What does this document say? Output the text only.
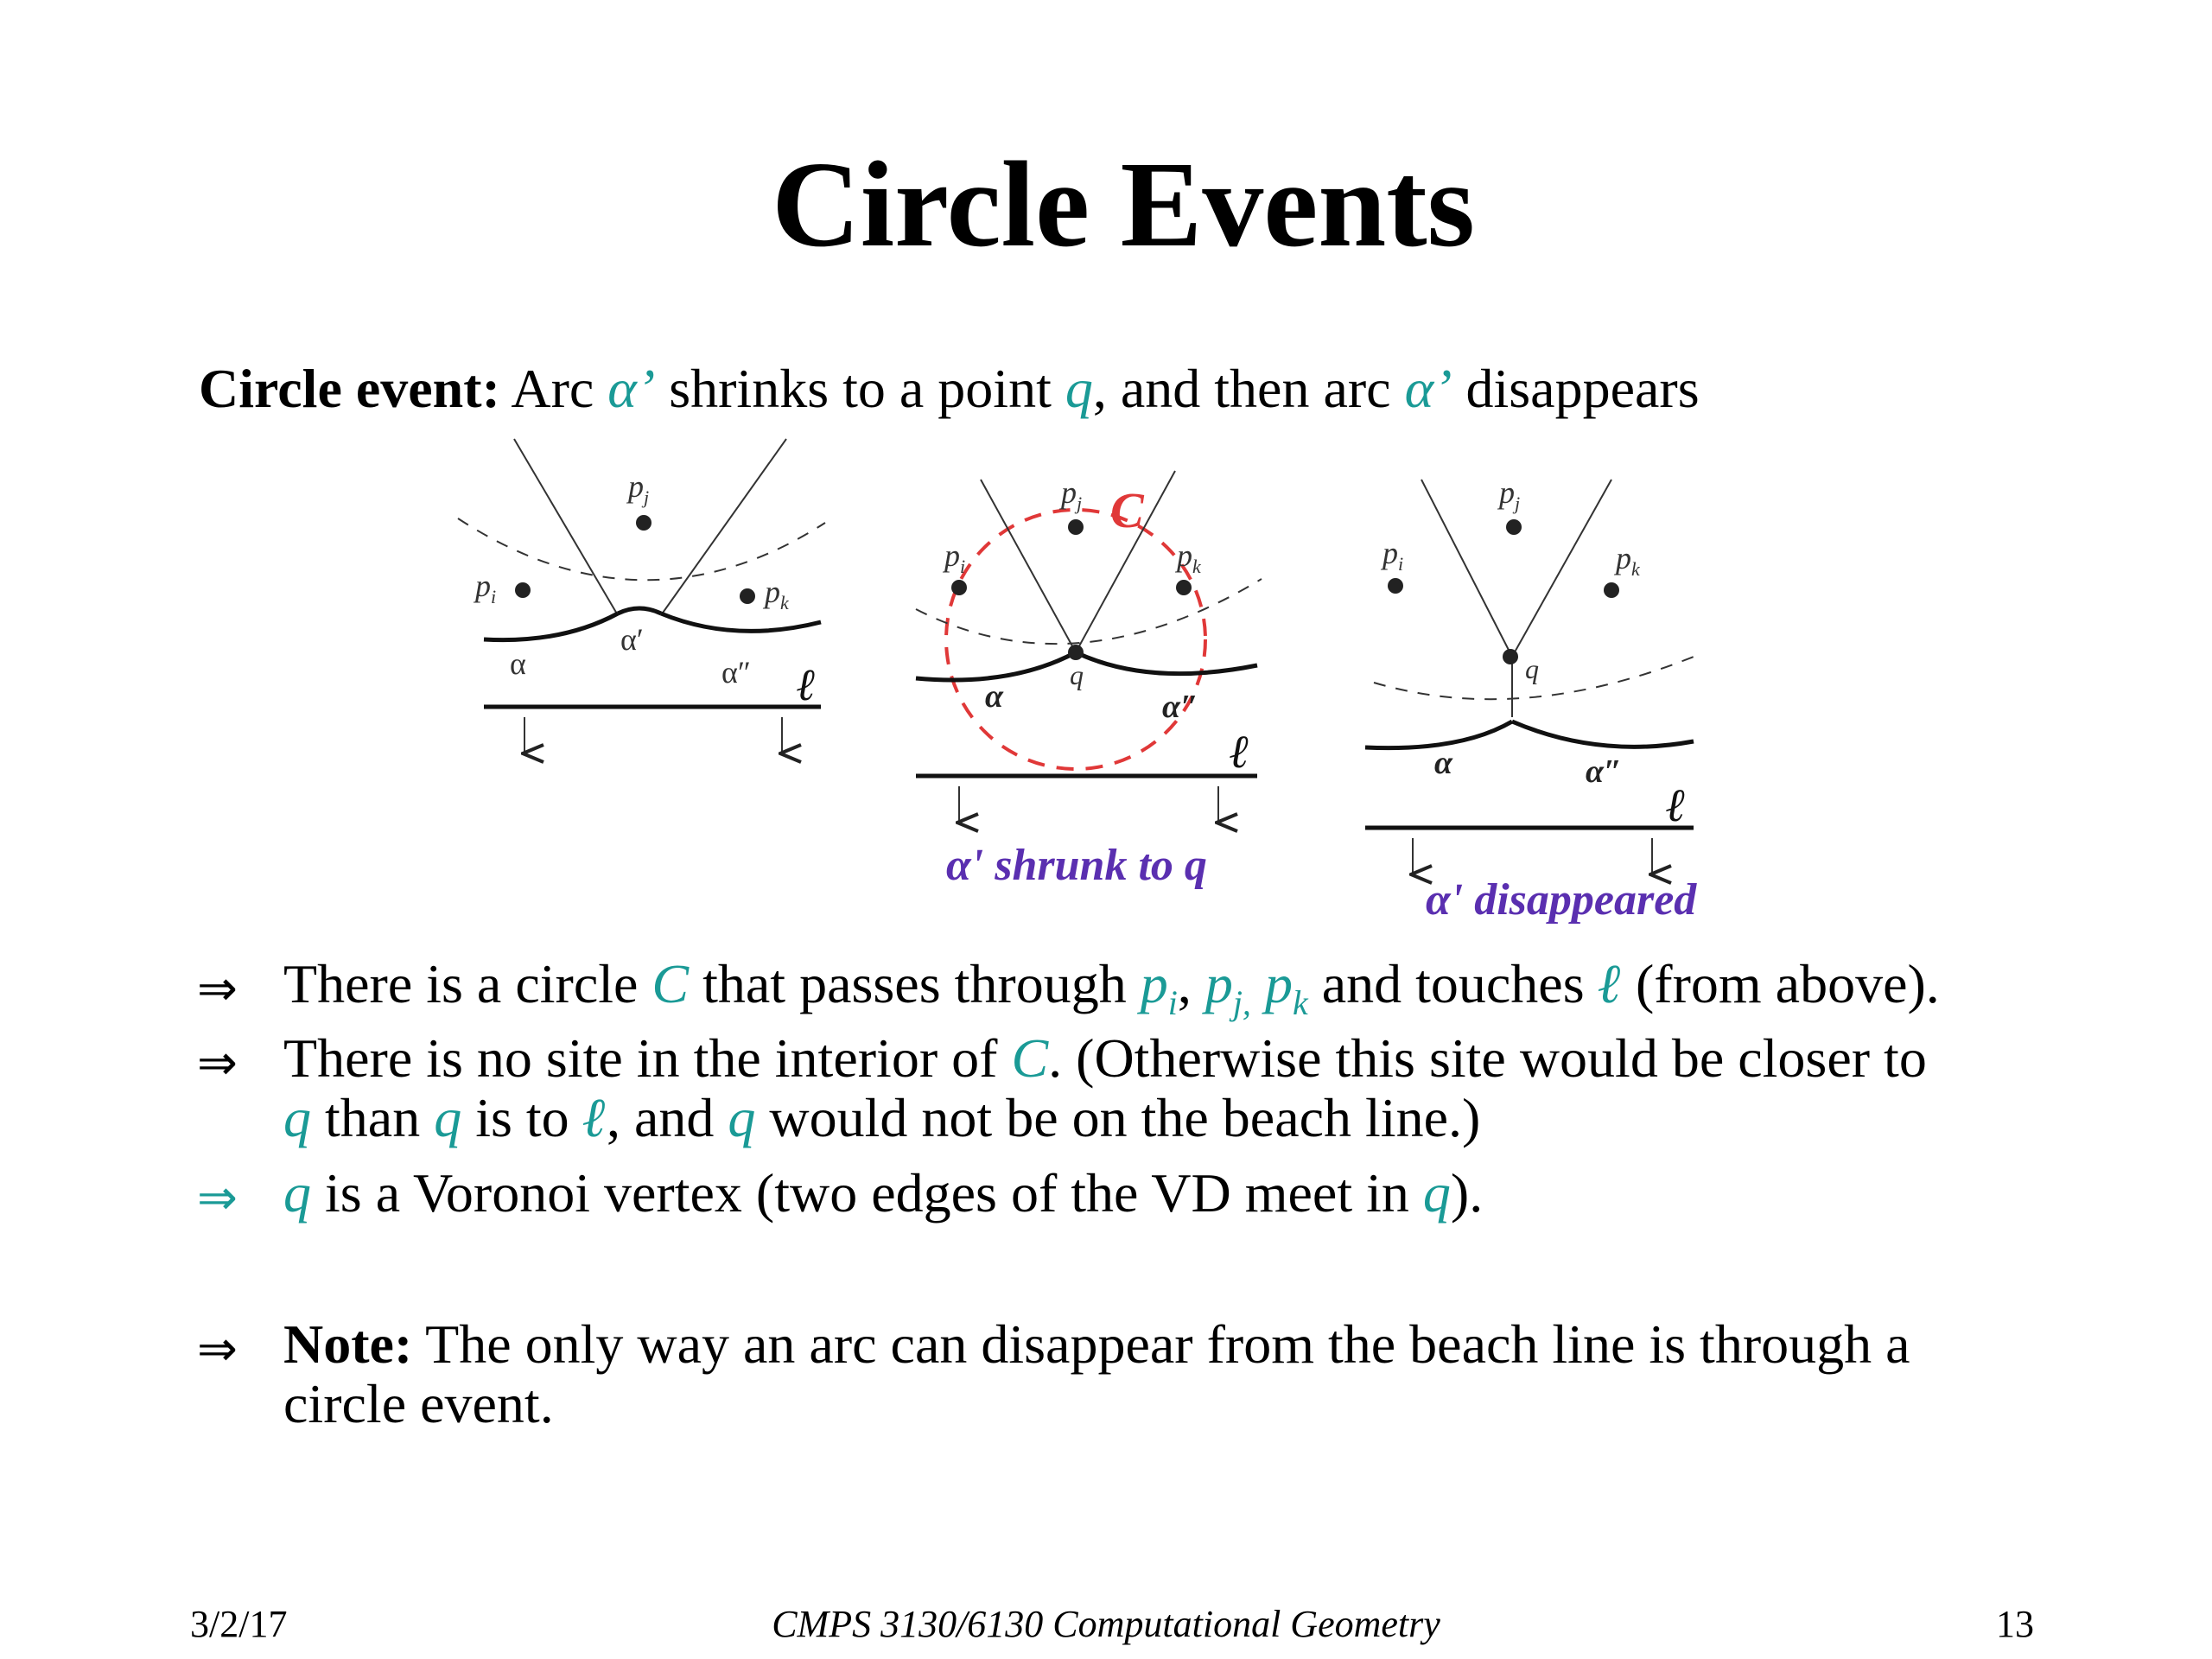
Circle Events
Circle event: Arc α’ shrinks to a point q, and then arc α’ disappears
$p_j$
$p_i$	$p_k$
α
α′
α″ ℓ
$p_j$
$p_i$	$p_k$
q
C
α	α″
ℓ
α' shrunk to q
$p_j$
$p_i$	$p_k$
q
α	α″
ℓ
α' disappeared
⇒ There is a circle C that passes through $p_i$, $p_{j,}$ $p_k$ and touches ℓ (from above).
⇒ There is no site in the interior of C. (Otherwise this site would be closer to
q than q is to ℓ, and q would not be on the beach line.)
⇒ q is a Voronoi vertex (two edges of the VD meet in q).
⇒ Note: The only way an arc can disappear from the beach line is through a
circle event.
3/2/17	CMPS 3130/6130 Computational Geometry	13
